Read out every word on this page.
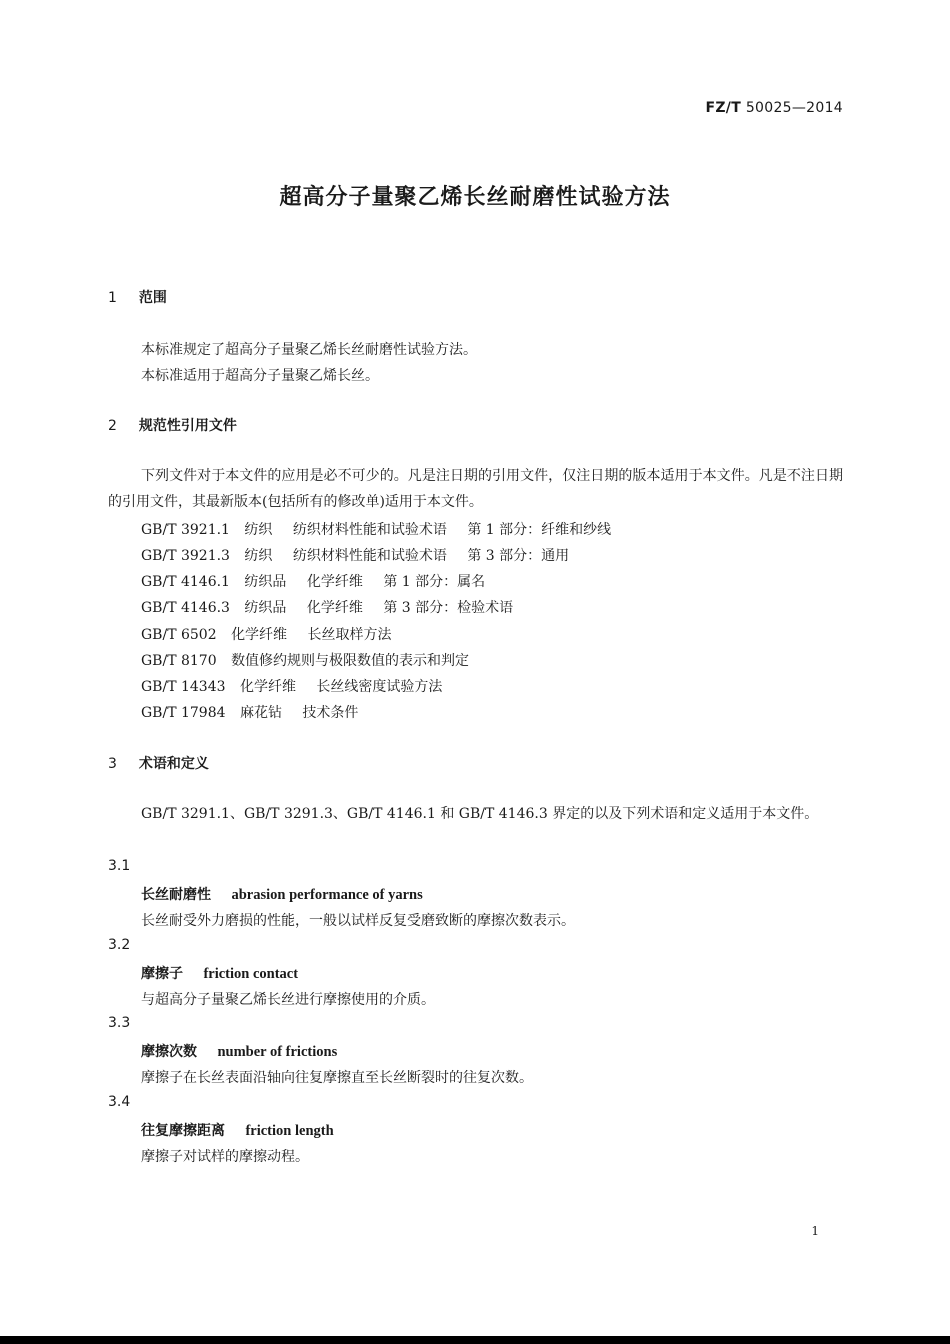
FZ/T 50025—2014
超高分子量聚乙烯长丝耐磨性试验方法
1 范围
本标准规定了超高分子量聚乙烯长丝耐磨性试验方法。
本标准适用于超高分子量聚乙烯长丝。
2 规范性引用文件
下列文件对于本文件的应用是必不可少的。凡是注日期的引用文件，仅注日期的版本适用于本文件。凡是不注日期的引用文件，其最新版本(包括所有的修改单)适用于本文件。
GB/T 3921.1 纺织 纺织材料性能和试验术语 第 1 部分：纤维和纱线
GB/T 3921.3 纺织 纺织材料性能和试验术语 第 3 部分：通用
GB/T 4146.1 纺织品 化学纤维 第 1 部分：属名
GB/T 4146.3 纺织品 化学纤维 第 3 部分：检验术语
GB/T 6502 化学纤维 长丝取样方法
GB/T 8170 数值修约规则与极限数值的表示和判定
GB/T 14343 化学纤维 长丝线密度试验方法
GB/T 17984 麻花钻 技术条件
3 术语和定义
GB/T 3291.1、GB/T 3291.3、GB/T 4146.1 和 GB/T 4146.3 界定的以及下列术语和定义适用于本文件。
3.1
长丝耐磨性 abrasion performance of yarns
长丝耐受外力磨损的性能，一般以试样反复受磨致断的摩擦次数表示。
3.2
摩擦子 friction contact
与超高分子量聚乙烯长丝进行摩擦使用的介质。
3.3
摩擦次数 number of frictions
摩擦子在长丝表面沿轴向往复摩擦直至长丝断裂时的往复次数。
3.4
往复摩擦距离 friction length
摩擦子对试样的摩擦动程。
1
